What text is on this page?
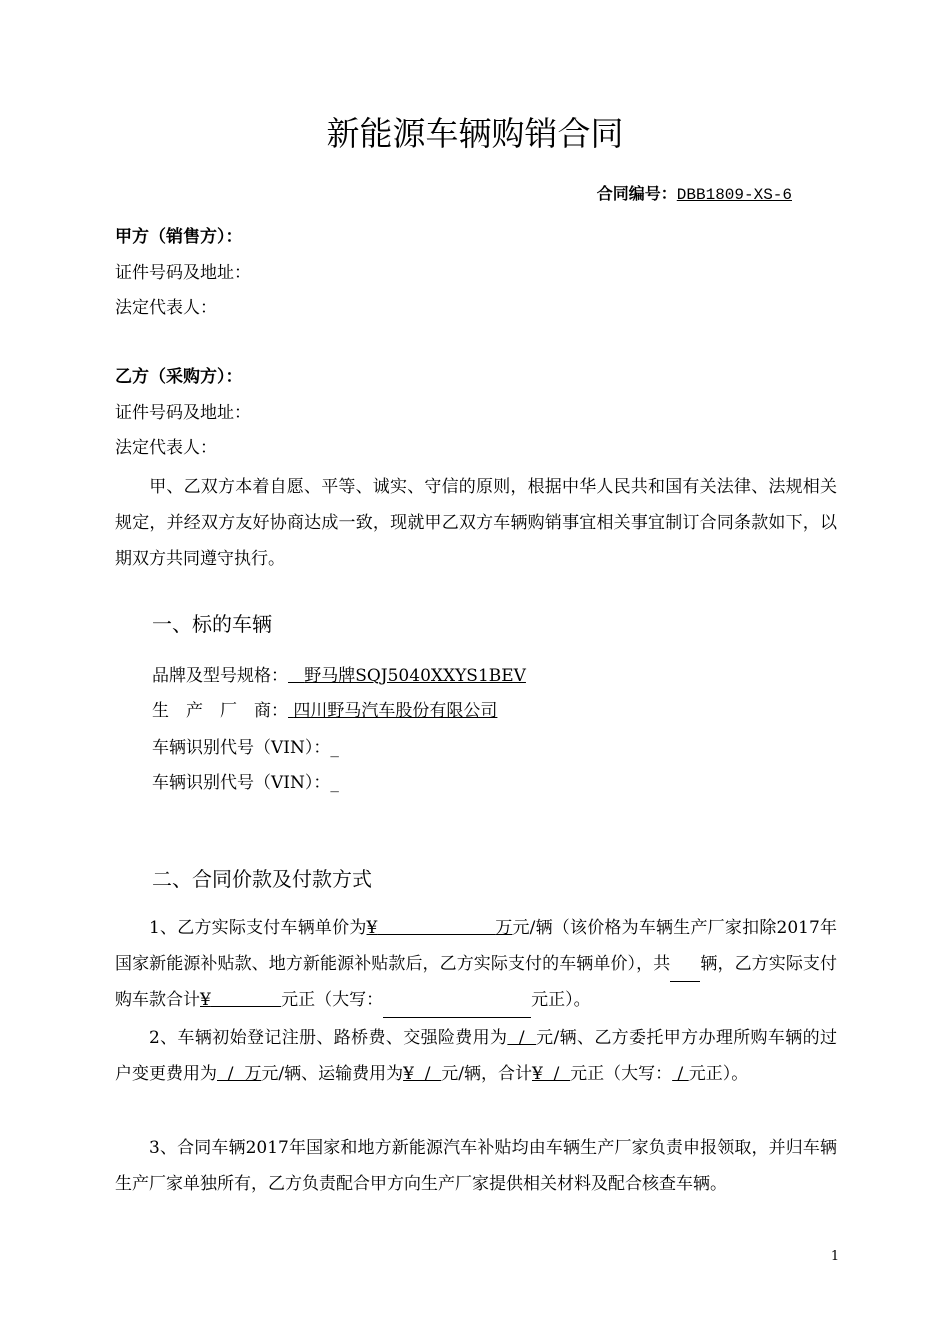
新能源车辆购销合同
合同编号：DBB1809-XS-6
甲方（销售方）：
证件号码及地址：
法定代表人：
乙方（采购方）：
证件号码及地址：
法定代表人：
甲、乙双方本着自愿、平等、诚实、守信的原则，根据中华人民共和国有关法律、法规相关规定，并经双方友好协商达成一致，现就甲乙双方车辆购销事宜相关事宜制订合同条款如下，以期双方共同遵守执行。
一、标的车辆
品牌及型号规格： 野马牌SQJ5040XXYS1BEV
生　产　厂　商： 四川野马汽车股份有限公司
车辆识别代号（VIN）：_
车辆识别代号（VIN）：_
二、合同价款及付款方式
1、乙方实际支付车辆单价为¥	万元/辆（该价格为车辆生产厂家扣除2017年国家新能源补贴款、地方新能源补贴款后，乙方实际支付的车辆单价），共 辆，乙方实际支付购车款合计¥	元正（大写：	元正）。
2、车辆初始登记注册、路桥费、交强险费用为  /  元/辆、乙方委托甲方办理所购车辆的过户变更费用为  /  万元/辆、运输费用为¥  /  元/辆，合计¥  /  元正（大写： / 元正）。
3、合同车辆2017年国家和地方新能源汽车补贴均由车辆生产厂家负责申报领取，并归车辆生产厂家单独所有，乙方负责配合甲方向生产厂家提供相关材料及配合核查车辆。
1
